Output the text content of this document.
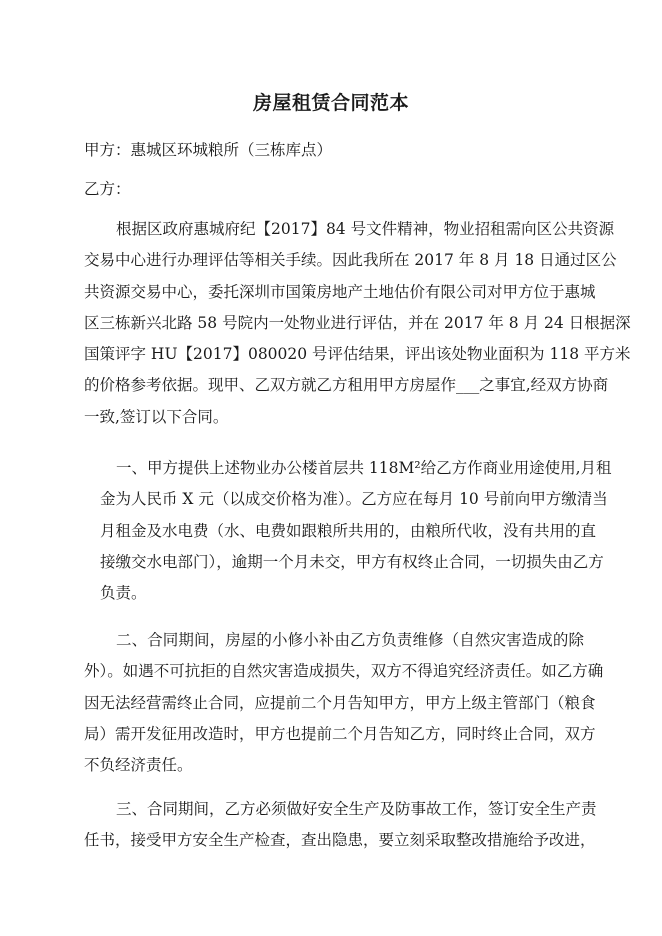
房屋租赁合同范本
甲方：惠城区环城粮所（三栋库点）
乙方：
根据区政府惠城府纪【2017】84 号文件精神，物业招租需向区公共资源
交易中心进行办理评估等相关手续。因此我所在 2017 年 8 月 18 日通过区公
共资源交易中心，委托深圳市国策房地产土地估价有限公司对甲方位于惠城
区三栋新兴北路 58 号院内一处物业进行评估，并在 2017 年 8 月 24 日根据深
国策评字 HU【2017】080020 号评估结果，评出该处物业面积为 118 平方米
的价格参考依据。现甲、乙双方就乙方租用甲方房屋作___之事宜,经双方协商
一致,签订以下合同。
一、甲方提供上述物业办公楼首层共 118M²给乙方作商业用途使用,月租
金为人民币 X 元（以成交价格为准）。乙方应在每月 10 号前向甲方缴清当
月租金及水电费（水、电费如跟粮所共用的，由粮所代收，没有共用的直
接缴交水电部门），逾期一个月未交，甲方有权终止合同，一切损失由乙方
负责。
二、合同期间，房屋的小修小补由乙方负责维修（自然灾害造成的除
外）。如遇不可抗拒的自然灾害造成损失，双方不得追究经济责任。如乙方确
因无法经营需终止合同，应提前二个月告知甲方，甲方上级主管部门（粮食
局）需开发征用改造时，甲方也提前二个月告知乙方，同时终止合同，双方
不负经济责任。
三、合同期间，乙方必须做好安全生产及防事故工作，签订安全生产责
任书，接受甲方安全生产检查，查出隐患，要立刻采取整改措施给予改进，
